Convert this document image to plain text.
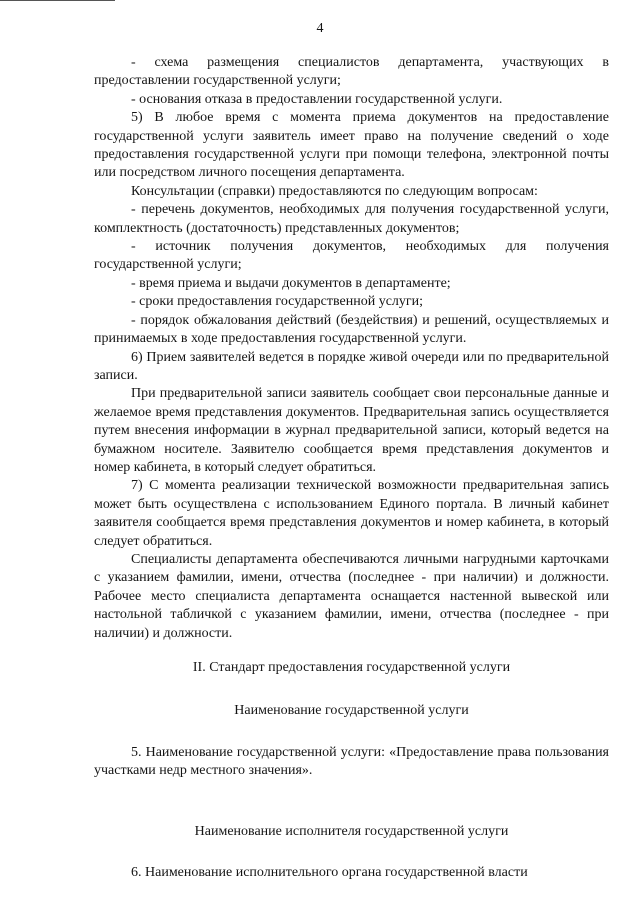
4

- схема размещения специалистов департамента, участвующих в предоставлении государственной услуги;

- основания отказа в предоставлении государственной услуги.

5) В любое время с момента приема документов на предоставление государственной услуги заявитель имеет право на получение сведений о ходе предоставления государственной услуги при помощи телефона, электронной почты или посредством личного посещения департамента.

Консультации (справки) предоставляются по следующим вопросам:

- перечень документов, необходимых для получения государственной услуги, комплектность (достаточность) представленных документов;

- источник получения документов, необходимых для получения государственной услуги;

- время приема и выдачи документов в департаменте;

- сроки предоставления государственной услуги;

- порядок обжалования действий (бездействия) и решений, осуществляемых и принимаемых в ходе предоставления государственной услуги.

6) Прием заявителей ведется в порядке живой очереди или по предварительной записи.

При предварительной записи заявитель сообщает свои персональные данные и желаемое время представления документов. Предварительная запись осуществляется путем внесения информации в журнал предварительной записи, который ведется на бумажном носителе. Заявителю сообщается время представления документов и номер кабинета, в который следует обратиться.

7) С момента реализации технической возможности предварительная запись может быть осуществлена с использованием Единого портала. В личный кабинет заявителя сообщается время представления документов и номер кабинета, в который следует обратиться.

Специалисты департамента обеспечиваются личными нагрудными карточками с указанием фамилии, имени, отчества (последнее - при наличии) и должности. Рабочее место специалиста департамента оснащается настенной вывеской или настольной табличкой с указанием фамилии, имени, отчества (последнее - при наличии) и должности.

II. Стандарт предоставления государственной услуги

Наименование государственной услуги

5. Наименование государственной услуги: «Предоставление права пользования участками недр местного значения».

Наименование исполнителя государственной услуги

6. Наименование исполнительного органа государственной власти
